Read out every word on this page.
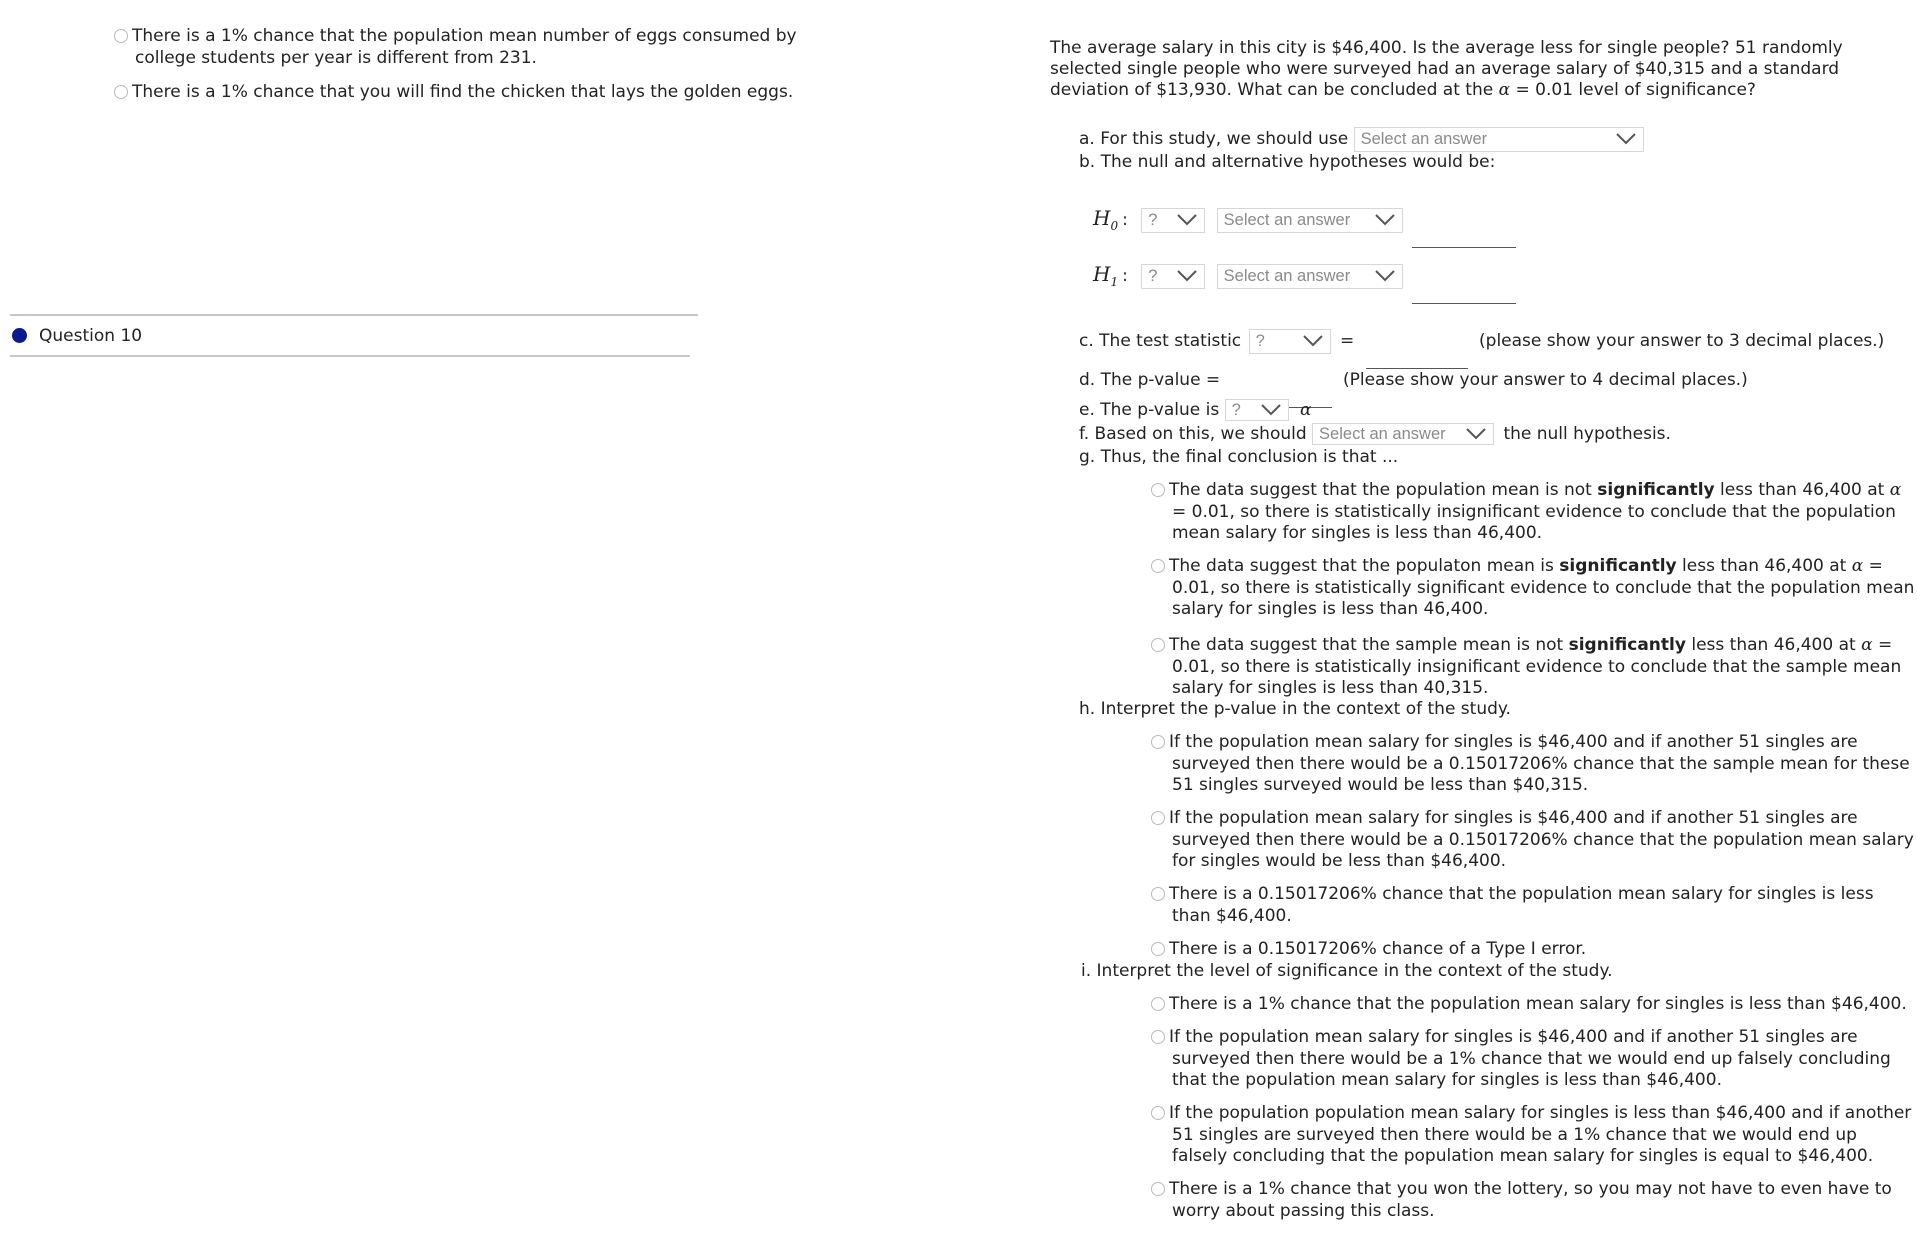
There is a 1% chance that the population mean number of eggs consumed by college students per year is different from 231.
There is a 1% chance that you will find the chicken that lays the golden eggs.
Question 10
The average salary in this city is $46,400. Is the average less for single people? 51 randomly selected single people who were surveyed had an average salary of $40,315 and a standard deviation of $13,930. What can be concluded at the α = 0.01 level of significance?
a. For this study, we should use Select an answer
b. The null and alternative hypotheses would be:
$H_0$ : ?	Select an answer

$H_1$ : ?	Select an answer

c. The test statistic ?	=	(please show your answer to 3 decimal places.)
d. The p-value =	(Please show your answer to 4 decimal places.)
e. The p-value is ?	α
f. Based on this, we should Select an answer	the null hypothesis.
g. Thus, the final conclusion is that ...
The data suggest that the population mean is not significantly less than 46,400 at α = 0.01, so there is statistically insignificant evidence to conclude that the population mean salary for singles is less than 46,400.
The data suggest that the populaton mean is significantly less than 46,400 at α = 0.01, so there is statistically significant evidence to conclude that the population mean salary for singles is less than 46,400.
The data suggest that the sample mean is not significantly less than 46,400 at α = 0.01, so there is statistically insignificant evidence to conclude that the sample mean salary for singles is less than 40,315.
h. Interpret the p-value in the context of the study.
If the population mean salary for singles is $46,400 and if another 51 singles are surveyed then there would be a 0.15017206% chance that the sample mean for these 51 singles surveyed would be less than $40,315.
If the population mean salary for singles is $46,400 and if another 51 singles are surveyed then there would be a 0.15017206% chance that the population mean salary for singles would be less than $46,400.
There is a 0.15017206% chance that the population mean salary for singles is less than $46,400.
There is a 0.15017206% chance of a Type I error.
i. Interpret the level of significance in the context of the study.
There is a 1% chance that the population mean salary for singles is less than $46,400.
If the population mean salary for singles is $46,400 and if another 51 singles are surveyed then there would be a 1% chance that we would end up falsely concluding that the population mean salary for singles is less than $46,400.
If the population population mean salary for singles is less than $46,400 and if another 51 singles are surveyed then there would be a 1% chance that we would end up falsely concluding that the population mean salary for singles is equal to $46,400.
There is a 1% chance that you won the lottery, so you may not have to even have to worry about passing this class.
